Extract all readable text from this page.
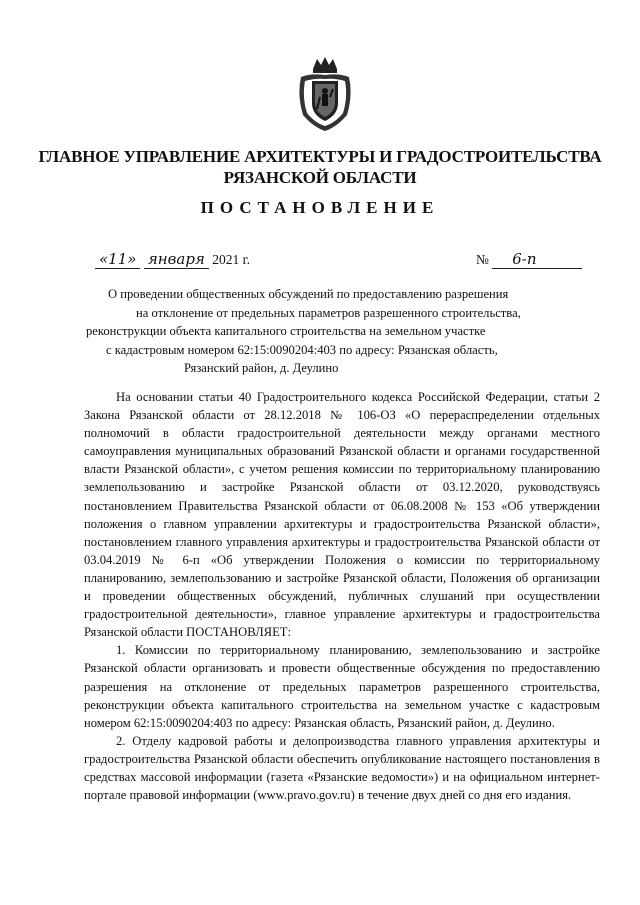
ГЛАВНОЕ УПРАВЛЕНИЕ АРХИТЕКТУРЫ И ГРАДОСТРОИТЕЛЬСТВА
РЯЗАНСКОЙ ОБЛАСТИ
ПОСТАНОВЛЕНИЕ
«11» января 2021 г.	№ 6-п
О проведении общественных обсуждений по предоставлению разрешения
на отклонение от предельных параметров разрешенного строительства,
реконструкции объекта капитального строительства на земельном участке
с кадастровым номером 62:15:0090204:403 по адресу: Рязанская область,
Рязанский район, д. Деулино

На основании статьи 40 Градостроительного кодекса Российской Федерации, статьи 2 Закона Рязанской области от 28.12.2018 № 106-ОЗ «О перераспределении отдельных полномочий в области градостроительной деятельности между органами местного самоуправления муниципальных образований Рязанской области и органами государственной власти Рязанской области», с учетом решения комиссии по территориальному планированию землепользованию и застройке Рязанской области от 03.12.2020, руководствуясь постановлением Правительства Рязанской области от 06.08.2008 № 153 «Об утверждении положения о главном управлении архитектуры и градостроительства Рязанской области», постановлением главного управления архитектуры и градостроительства Рязанской области от 03.04.2019 № 6-п «Об утверждении Положения о комиссии по территориальному планированию, землепользованию и застройке Рязанской области, Положения об организации и проведении общественных обсуждений, публичных слушаний при осуществлении градостроительной деятельности», главное управление архитектуры и градостроительства Рязанской области ПОСТАНОВЛЯЕТ:

1. Комиссии по территориальному планированию, землепользованию и застройке Рязанской области организовать и провести общественные обсуждения по предоставлению разрешения на отклонение от предельных параметров разрешенного строительства, реконструкции объекта капитального строительства на земельном участке с кадастровым номером 62:15:0090204:403 по адресу: Рязанская область, Рязанский район, д. Деулино.

2. Отделу кадровой работы и делопроизводства главного управления архитектуры и градостроительства Рязанской области обеспечить опубликование настоящего постановления в средствах массовой информации (газета «Рязанские ведомости») и на официальном интернет-портале правовой информации (www.pravo.gov.ru) в течение двух дней со дня его издания.
